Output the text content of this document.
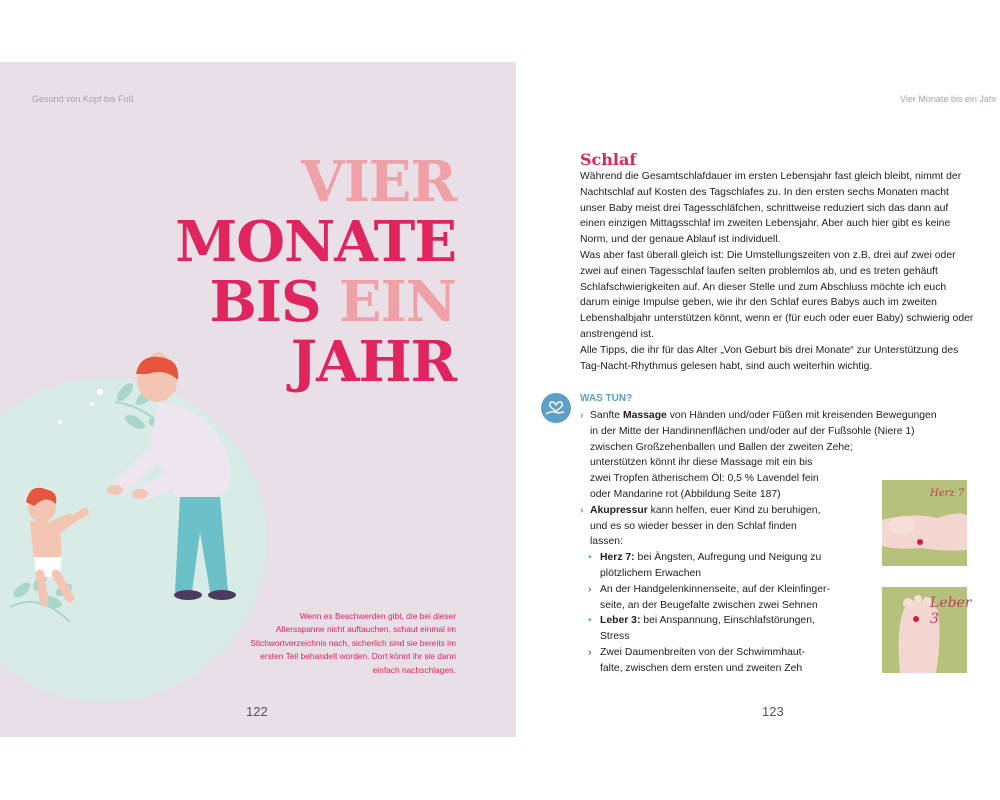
Gesund von Kopf bis Fuß
VIER
MONATE
BIS EIN
JAHR
Wenn es Beschwerden gibt, die bei dieser Altersspanne nicht auftauchen, schaut einmal im Stichwortverzeichnis nach, sicherlich sind sie bereits im ersten Teil behandelt worden. Dort könnt ihr sie dann einfach nachschlagen.
122
Vier Monate bis ein Jahr
Schlaf

Während die Gesamtschlafdauer im ersten Lebensjahr fast gleich bleibt, nimmt der Nachtschlaf auf Kosten des Tagschlafes zu. In den ersten sechs Monaten macht unser Baby meist drei Tagesschläfchen, schrittweise reduziert sich das dann auf einen einzigen Mittagsschlaf im zweiten Lebensjahr. Aber auch hier gibt es keine Norm, und der genaue Ablauf ist individuell.

Was aber fast überall gleich ist: Die Umstellungszeiten von z.B. drei auf zwei oder zwei auf einen Tagesschlaf laufen selten problemlos ab, und es treten gehäuft Schlafschwierigkeiten auf. An dieser Stelle und zum Abschluss möchte ich euch darum einige Impulse geben, wie ihr den Schlaf eures Babys auch im zweiten Lebenshalbjahr unterstützen könnt, wenn er (für euch oder euer Baby) schwierig oder anstrengend ist.

Alle Tipps, die ihr für das Alter „Von Geburt bis drei Monate“ zur Unterstützung des Tag-Nacht-Rhythmus gelesen habt, sind auch weiterhin wichtig.

WAS TUN?
› Sanfte Massage von Händen und/oder Füßen mit kreisenden Bewegungen
in der Mitte der Handinnenflächen und/oder auf der Fußsohle (Niere 1)
zwischen Großzehenballen und Ballen der zweiten Zehe;
unterstützen könnt ihr diese Massage mit ein bis
zwei Tropfen ätherischem Öl: 0,5 % Lavendel fein
oder Mandarine rot (Abbildung Seite 187)
› Akupressur kann helfen, euer Kind zu beruhigen,
und es so wieder besser in den Schlaf finden
lassen:
• Herz 7: bei Ängsten, Aufregung und Neigung zu
plötzlichem Erwachen
› An der Handgelenkinnenseite, auf der Kleinfinger-
seite, an der Beugefalte zwischen zwei Sehnen
• Leber 3: bei Anspannung, Einschlafstörungen,
Stress
› Zwei Daumenbreiten von der Schwimmhaut-
falte, zwischen dem ersten und zweiten Zeh
Herz 7
Leber 3
123
